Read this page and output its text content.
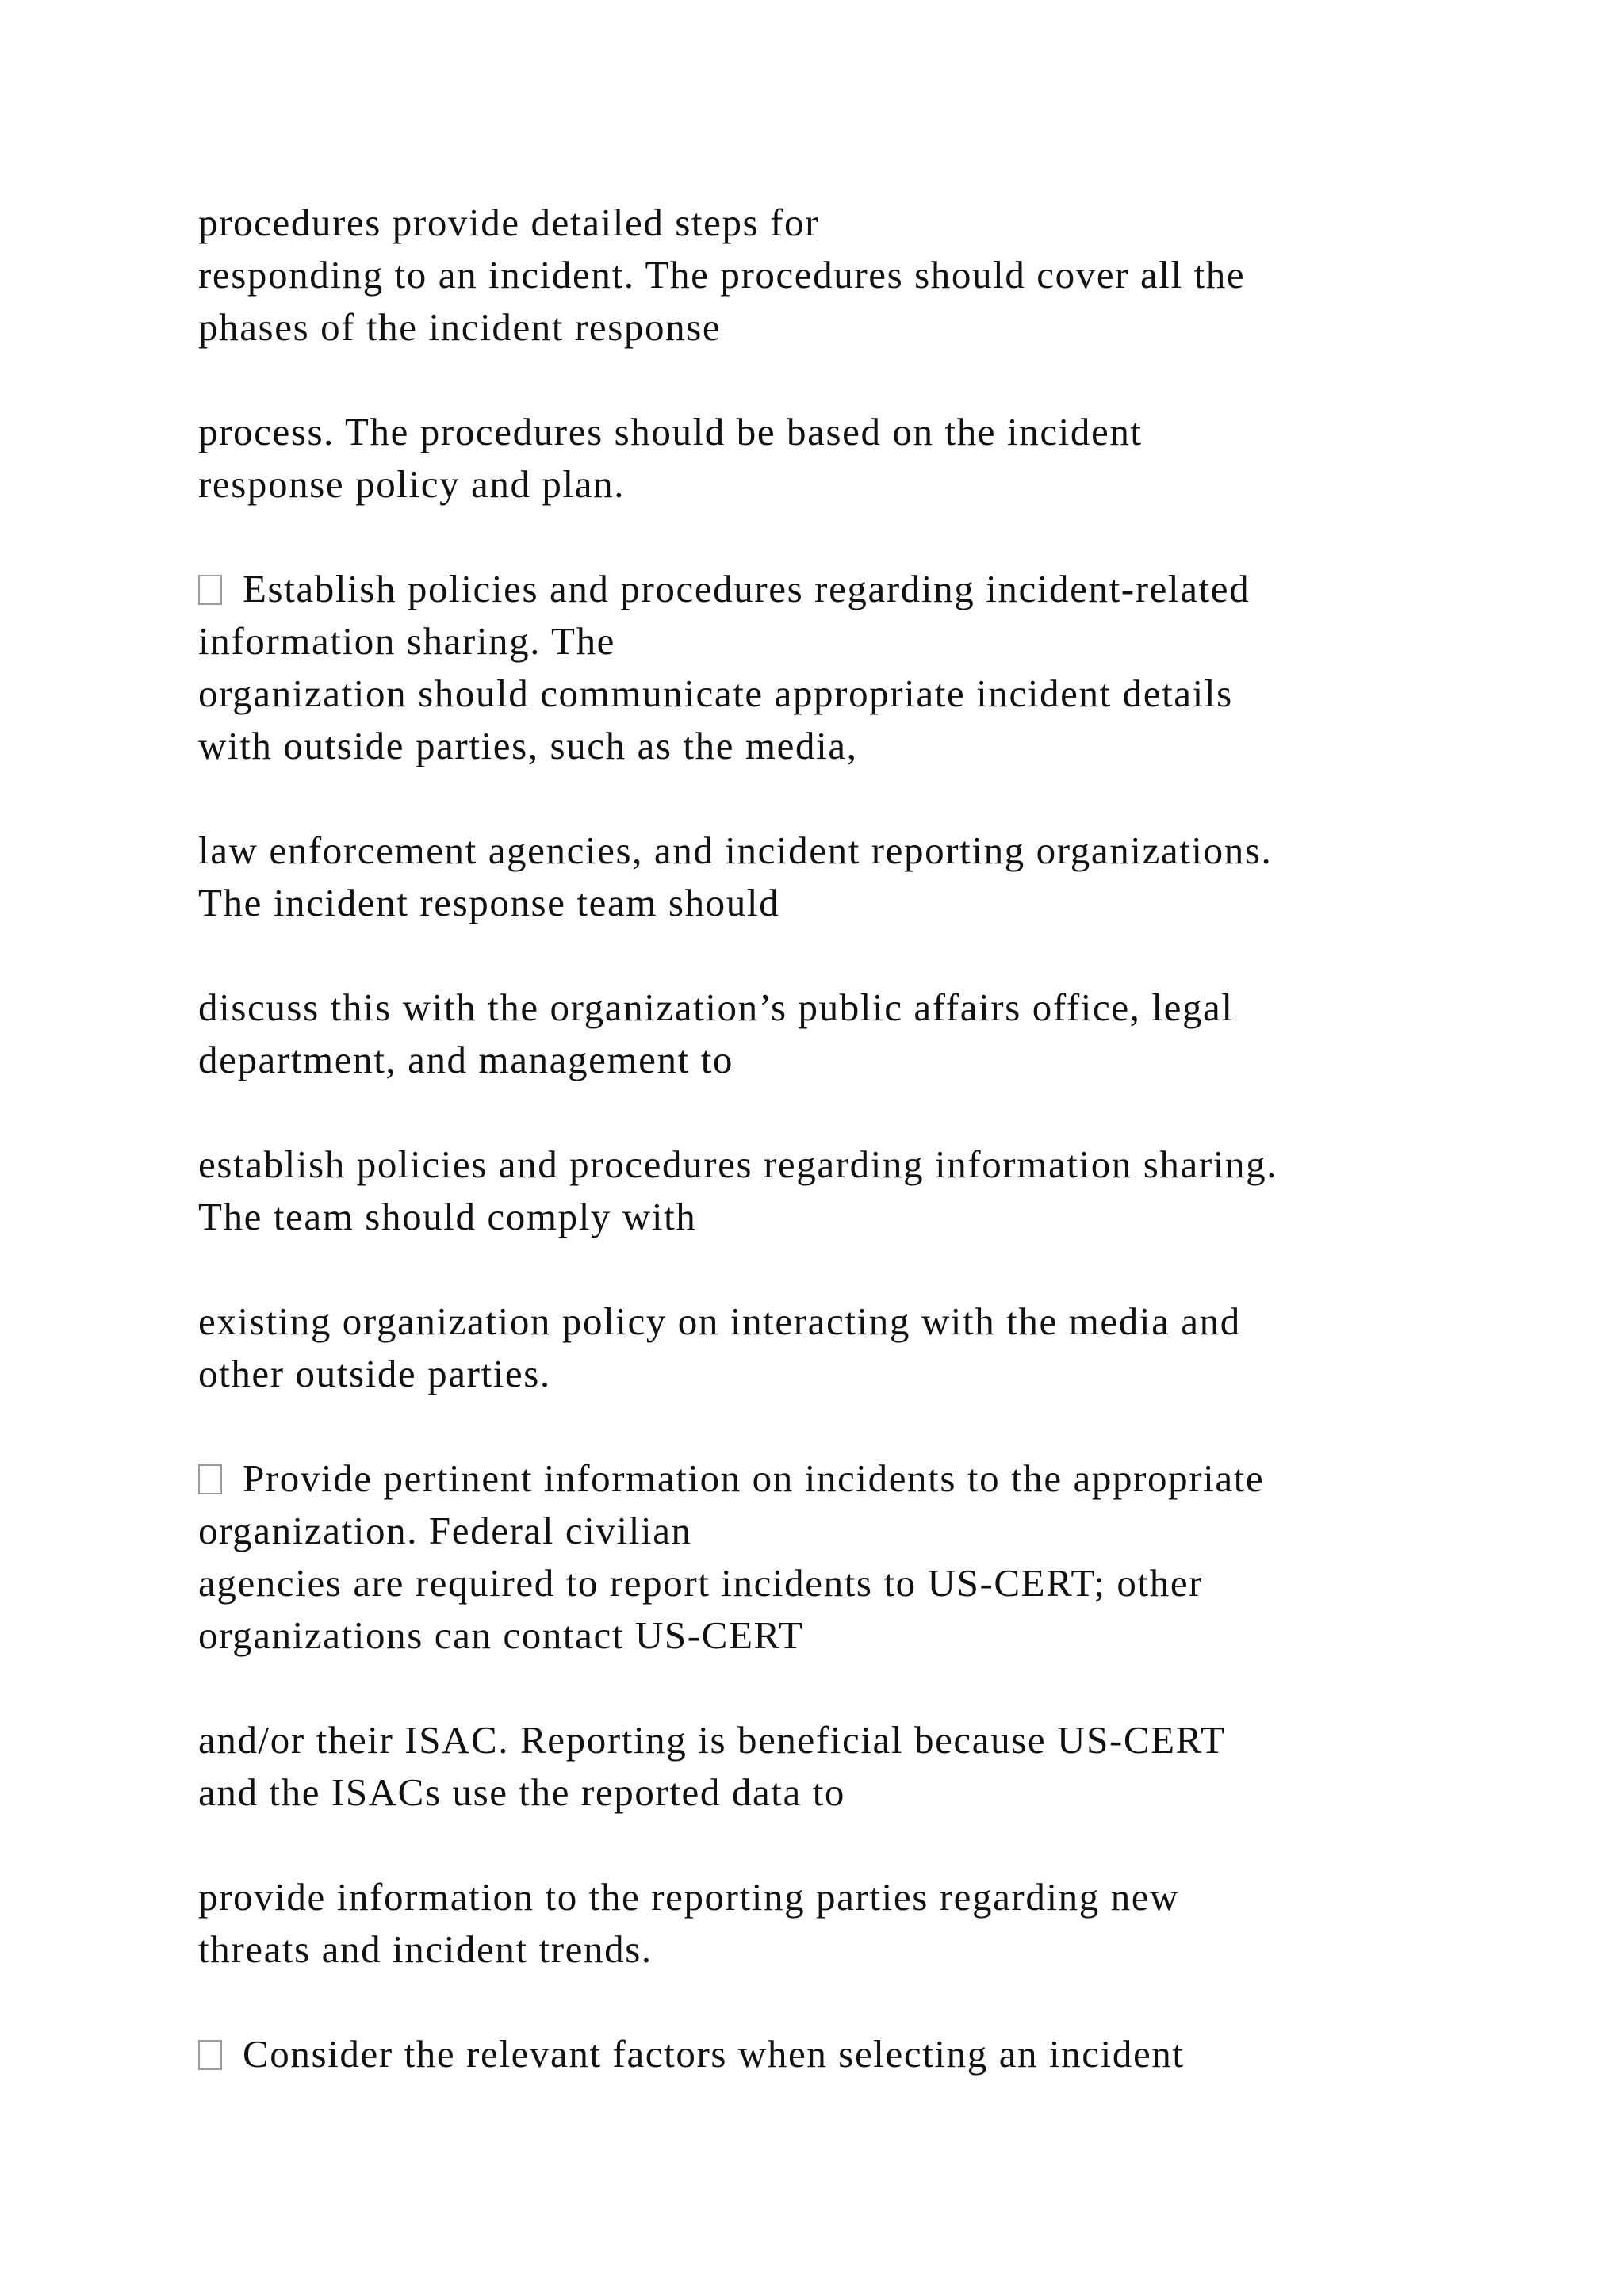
procedures provide detailed steps for
responding to an incident. The procedures should cover all the
phases of the incident response
process. The procedures should be based on the incident
response policy and plan.
Establish policies and procedures regarding incident-related
information sharing. The
organization should communicate appropriate incident details
with outside parties, such as the media,
law enforcement agencies, and incident reporting organizations.
The incident response team should
discuss this with the organization’s public affairs office, legal
department, and management to
establish policies and procedures regarding information sharing.
The team should comply with
existing organization policy on interacting with the media and
other outside parties.
Provide pertinent information on incidents to the appropriate
organization. Federal civilian
agencies are required to report incidents to US-CERT; other
organizations can contact US-CERT
and/or their ISAC. Reporting is beneficial because US-CERT
and the ISACs use the reported data to
provide information to the reporting parties regarding new
threats and incident trends.
Consider the relevant factors when selecting an incident
